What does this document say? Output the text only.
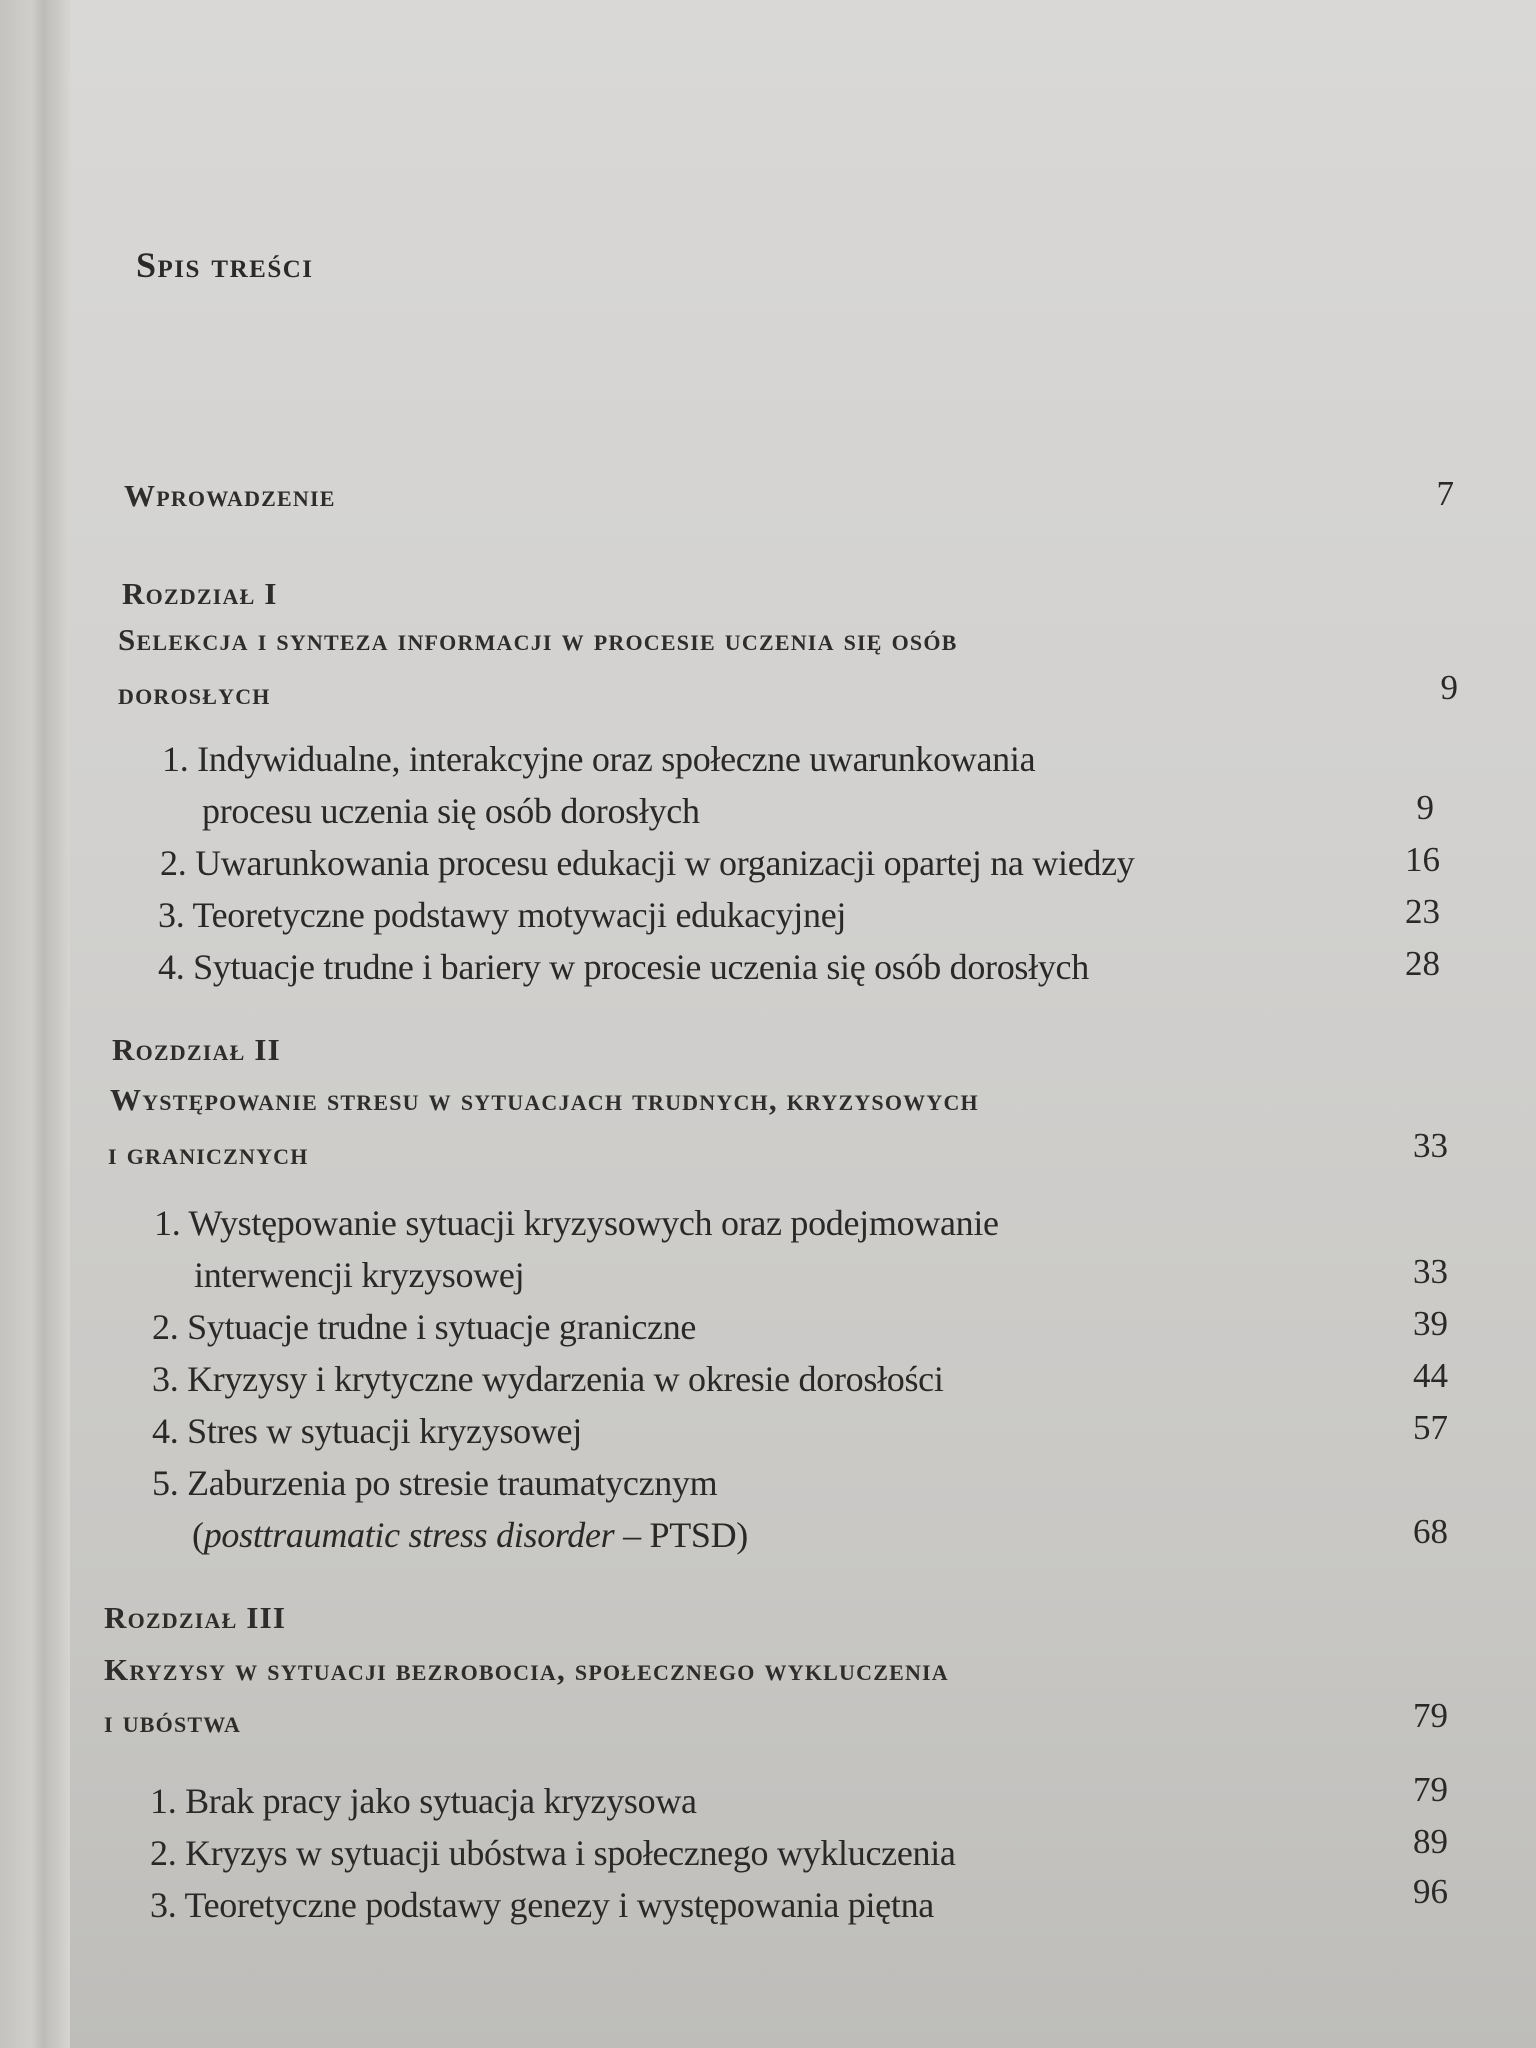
Spis treści
Wprowadzenie	7
Rozdział I
Selekcja i synteza informacji w procesie uczenia się osób
dorosłych	9
1. Indywidualne, interakcyjne oraz społeczne uwarunkowania
procesu uczenia się osób dorosłych	9
2. Uwarunkowania procesu edukacji w organizacji opartej na wiedzy	16
3. Teoretyczne podstawy motywacji edukacyjnej	23
4. Sytuacje trudne i bariery w procesie uczenia się osób dorosłych	28
Rozdział II
Występowanie stresu w sytuacjach trudnych, kryzysowych
i granicznych	33
1. Występowanie sytuacji kryzysowych oraz podejmowanie
interwencji kryzysowej	33
2. Sytuacje trudne i sytuacje graniczne	39
3. Kryzysy i krytyczne wydarzenia w okresie dorosłości	44
4. Stres w sytuacji kryzysowej	57
5. Zaburzenia po stresie traumatycznym
(posttraumatic stress disorder – PTSD)	68
Rozdział III
Kryzysy w sytuacji bezrobocia, społecznego wykluczenia
i ubóstwa	79
1. Brak pracy jako sytuacja kryzysowa	79
2. Kryzys w sytuacji ubóstwa i społecznego wykluczenia	89
3. Teoretyczne podstawy genezy i występowania piętna	96
